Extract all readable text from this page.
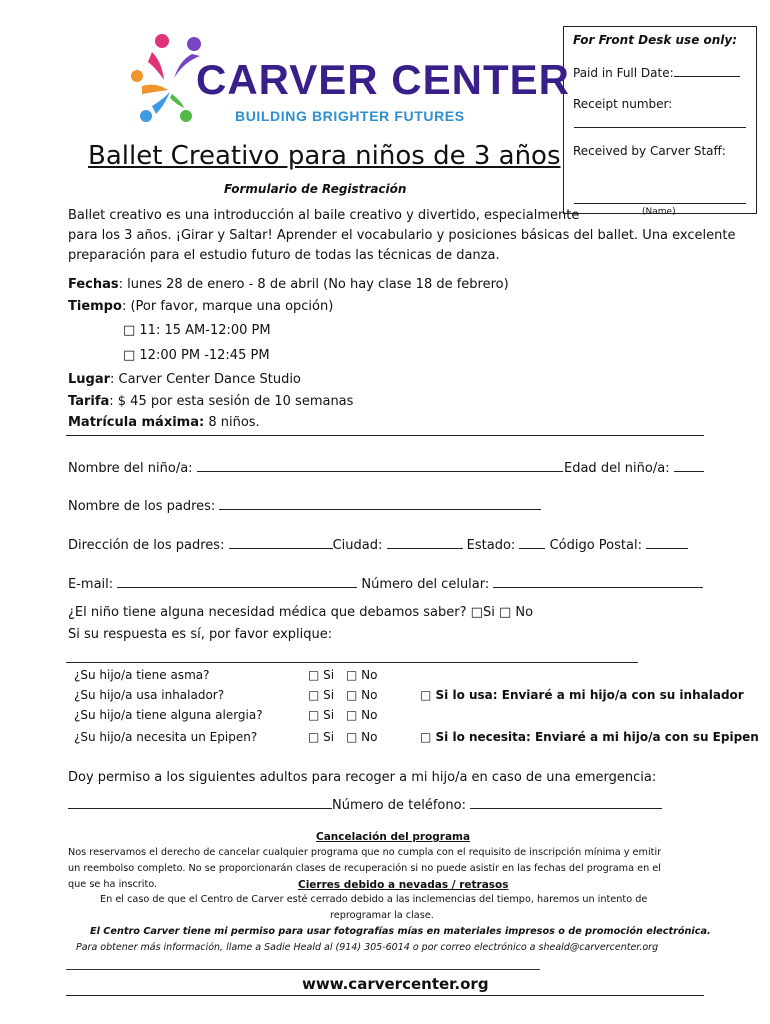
For Front Desk use only:
Paid in Full Date:
Receipt number:
Received by Carver Staff:
(Name)
CARVER CENTER
BUILDING BRIGHTER FUTURES
Ballet Creativo para niños de 3 años
Formulario de Registración
Ballet creativo es una introducción al baile creativo y divertido, especialmente
para los 3 años. ¡Girar y Saltar! Aprender el vocabulario y posiciones básicas del ballet. Una excelente
preparación para el estudio futuro de todas las técnicas de danza.
Fechas: lunes 28 de enero - 8 de abril (No hay clase 18 de febrero)
Tiempo: (Por favor, marque una opción)
□ 11: 15 AM-12:00 PM
□ 12:00 PM -12:45 PM
Lugar: Carver Center Dance Studio
Tarifa: $ 45 por esta sesión de 10 semanas
Matrícula máxima: 8 niños.
Nombre del niño/a:	Edad del niño/a:
Nombre de los padres:
Dirección de los padres:	Ciudad:	Estado:	Código Postal:
E-mail:	Número del celular:
¿El niño tiene alguna necesidad médica que debamos saber? □Si □ No
Si su respuesta es sí, por favor explique:
¿Su hijo/a tiene asma?	□ Si □ No
¿Su hijo/a usa inhalador?	□ Si □ No	□ Si lo usa: Enviaré a mi hijo/a con su inhalador
¿Su hijo/a tiene alguna alergia?	□ Si □ No
¿Su hijo/a necesita un Epipen?	□ Si □ No	□ Si lo necesita: Enviaré a mi hijo/a con su Epipen
Doy permiso a los siguientes adultos para recoger a mi hijo/a en caso de una emergencia:
Número de teléfono:
Cancelación del programa
Nos reservamos el derecho de cancelar cualquier programa que no cumpla con el requisito de inscripción mínima y emitir
un reembolso completo. No se proporcionarán clases de recuperación si no puede asistir en las fechas del programa en el
que se ha inscrito.	Cierres debido a nevadas / retrasos
En el caso de que el Centro de Carver esté cerrado debido a las inclemencias del tiempo, haremos un intento de
reprogramar la clase.
El Centro Carver tiene mi permiso para usar fotografías mías en materiales impresos o de promoción electrónica.
Para obtener más información, llame a Sadie Heald al (914) 305-6014 o por correo electrónico a sheald@carvercenter.org
_______________________________________________________________________________
www.carvercenter.org
